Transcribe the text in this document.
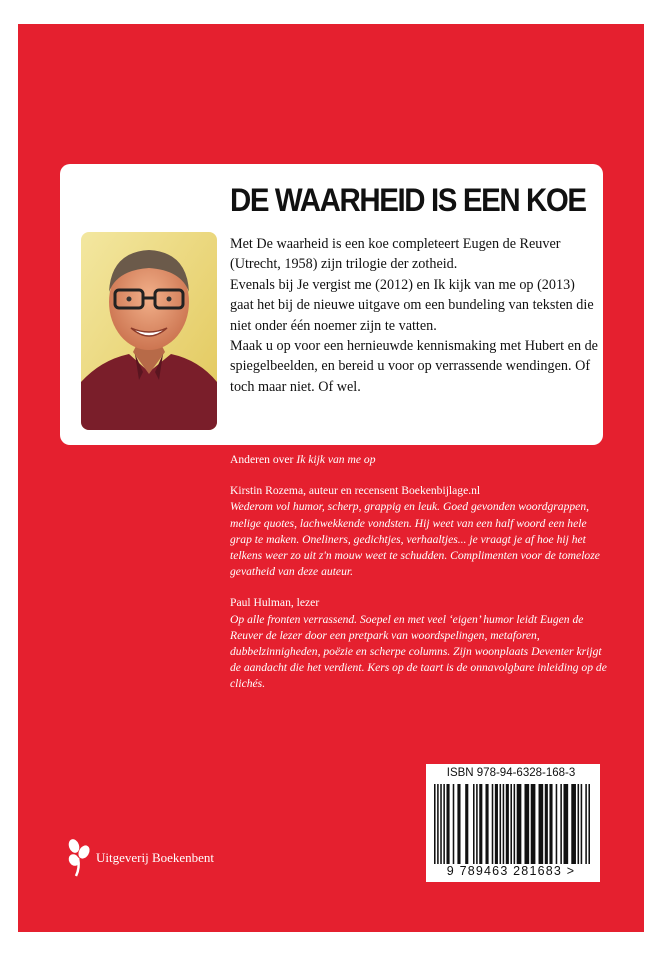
DE WAARHEID IS EEN KOE

Met De waarheid is een koe completeert Eugen de Reuver (Utrecht, 1958) zijn trilogie der zotheid.

Evenals bij Je vergist me (2012) en Ik kijk van me op (2013) gaat het bij de nieuwe uitgave om een bundeling van teksten die niet onder één noemer zijn te vatten.

Maak u op voor een hernieuwde kennismaking met Hubert en de spiegelbeelden, en bereid u voor op verrassende wendingen. Of toch maar niet. Of wel.

Anderen over Ik kijk van me op

Kirstin Rozema, auteur en recensent Boekenbijlage.nl

Wederom vol humor, scherp, grappig en leuk. Goed gevonden woordgrappen, melige quotes, lachwekkende vondsten. Hij weet van een half woord een hele grap te maken. Oneliners, gedichtjes, verhaaltjes... je vraagt je af hoe hij het telkens weer zo uit z'n mouw weet te schudden. Complimenten voor de tomeloze gevatheid van deze auteur.

Paul Hulman, lezer

Op alle fronten verrassend. Soepel en met veel ‘eigen’ humor leidt Eugen de Reuver de lezer door een pretpark van woordspelingen, metaforen, dubbelzinnigheden, poëzie en scherpe columns. Zijn woonplaats Deventer krijgt de aandacht die het verdient. Kers op de taart is de onnavolgbare inleiding op de clichés.

Uitgeverij Boekenbent
ISBN 978-94-6328-168-3
9 789463 281683 >
